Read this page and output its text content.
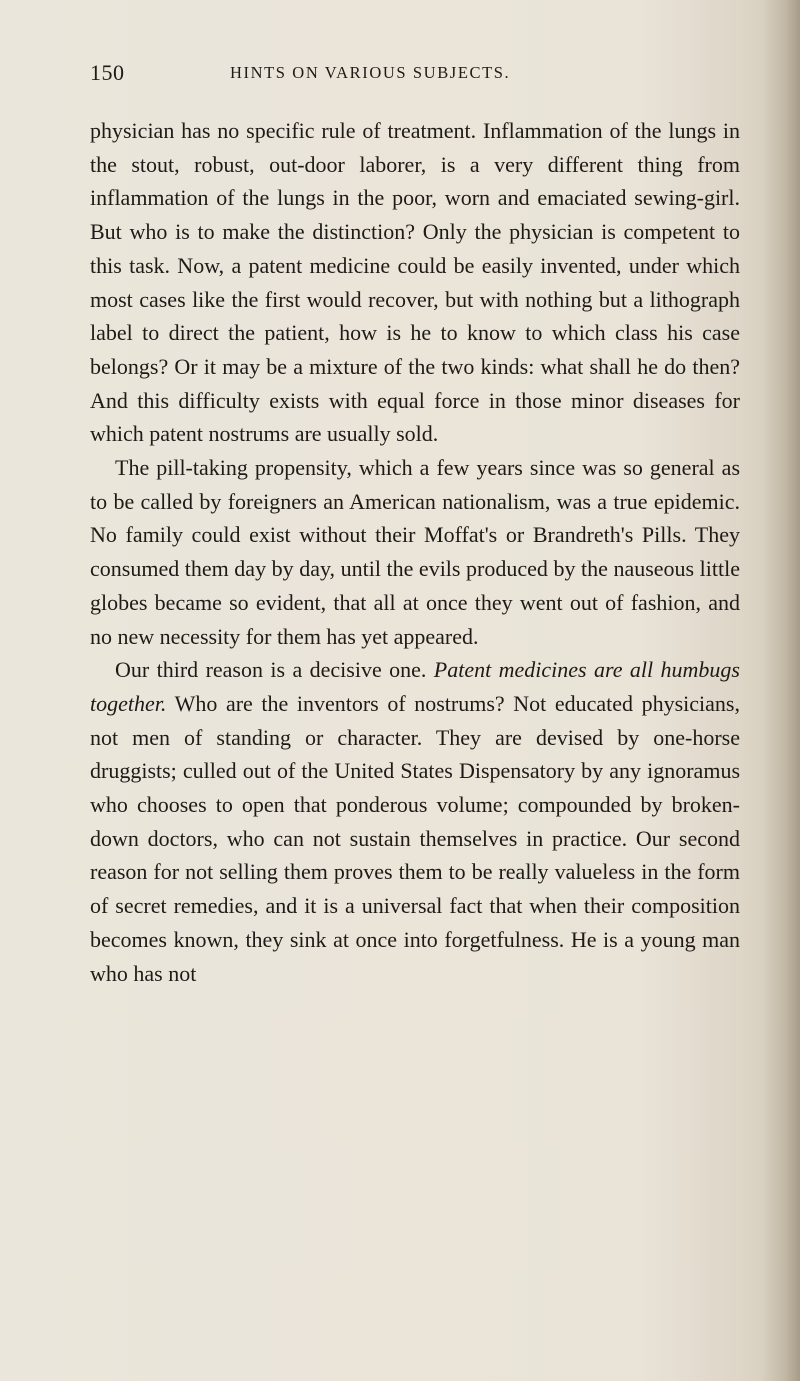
150	HINTS ON VARIOUS SUBJECTS.

physician has no specific rule of treatment. Inflammation of the lungs in the stout, robust, out-door laborer, is a very different thing from inflammation of the lungs in the poor, worn and emaciated sewing-girl. But who is to make the distinction? Only the physician is competent to this task. Now, a patent medicine could be easily invented, under which most cases like the first would recover, but with nothing but a lithograph label to direct the patient, how is he to know to which class his case belongs? Or it may be a mixture of the two kinds: what shall he do then? And this difficulty exists with equal force in those minor diseases for which patent nostrums are usually sold.

The pill-taking propensity, which a few years since was so general as to be called by foreigners an American nationalism, was a true epidemic. No family could exist without their Moffat's or Brandreth's Pills. They consumed them day by day, until the evils produced by the nauseous little globes became so evident, that all at once they went out of fashion, and no new necessity for them has yet appeared.

Our third reason is a decisive one. Patent medicines are all humbugs together. Who are the inventors of nostrums? Not educated physicians, not men of standing or character. They are devised by one-horse druggists; culled out of the United States Dispensatory by any ignoramus who chooses to open that ponderous volume; compounded by broken-down doctors, who can not sustain themselves in practice. Our second reason for not selling them proves them to be really valueless in the form of secret remedies, and it is a universal fact that when their composition becomes known, they sink at once into forgetfulness. He is a young man who has not
